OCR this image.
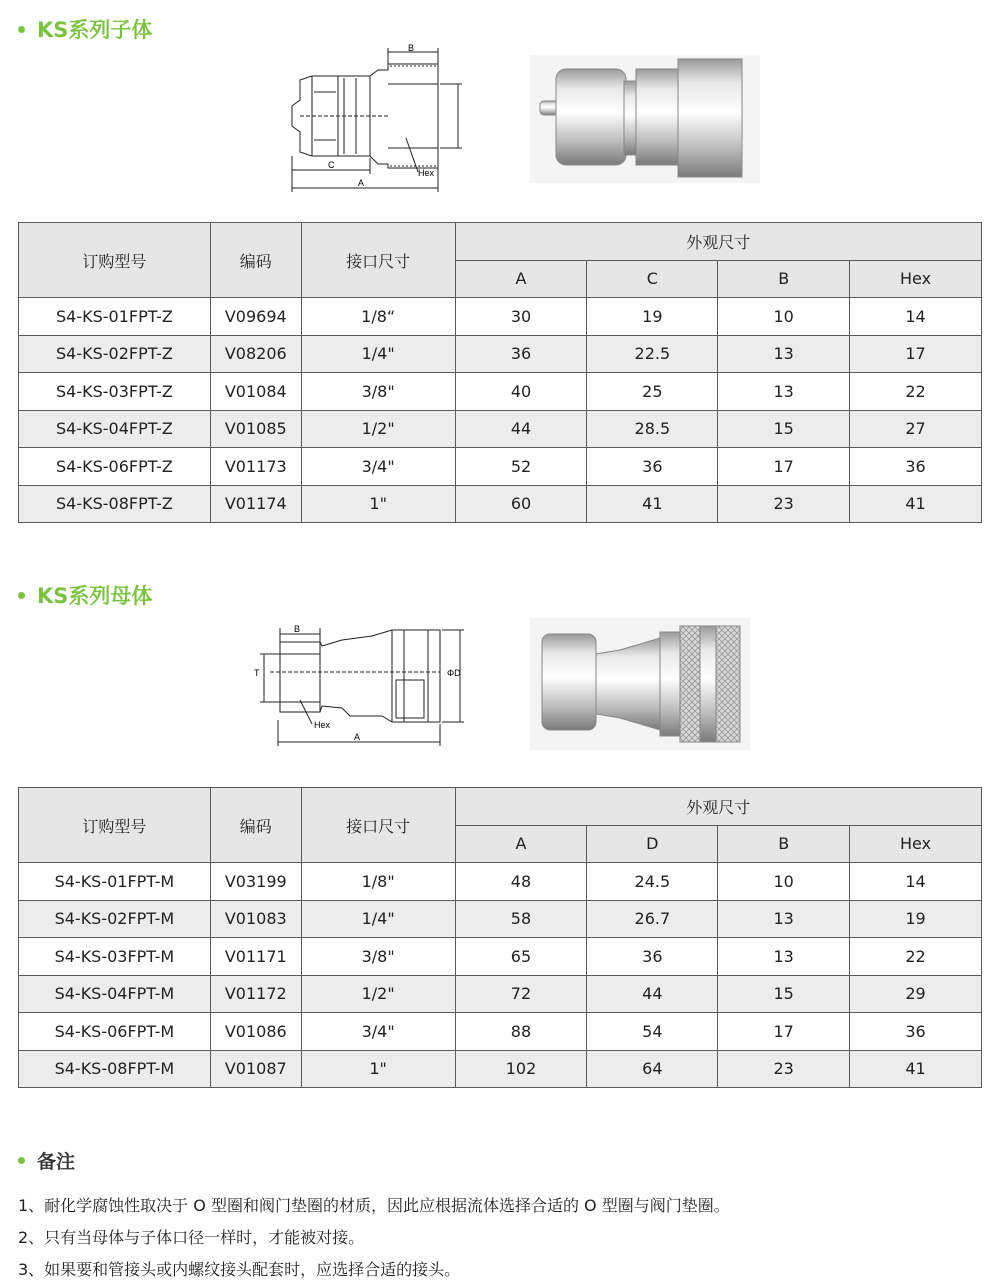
KS系列子体
A
C
B
Hex
订购型号	编码	接口尺寸	外观尺寸			
			A	C	B	Hex
S4-KS-01FPT-Z	V09694	1/8“	30	19	10	14
S4-KS-02FPT-Z	V08206	1/4"	36	22.5	13	17
S4-KS-03FPT-Z	V01084	3/8"	40	25	13	22
S4-KS-04FPT-Z	V01085	1/2"	44	28.5	15	27
S4-KS-06FPT-Z	V01173	3/4"	52	36	17	36
S4-KS-08FPT-Z	V01174	1"	60	41	23	41
KS系列母体
B
A
T	ΦD
Hex
订购型号	编码	接口尺寸	外观尺寸			
			A	D	B	Hex
S4-KS-01FPT-M	V03199	1/8"	48	24.5	10	14
S4-KS-02FPT-M	V01083	1/4"	58	26.7	13	19
S4-KS-03FPT-M	V01171	3/8"	65	36	13	22
S4-KS-04FPT-M	V01172	1/2"	72	44	15	29
S4-KS-06FPT-M	V01086	3/4"	88	54	17	36
S4-KS-08FPT-M	V01087	1"	102	64	23	41
备注
1、耐化学腐蚀性取决于 O 型圈和阀门垫圈的材质，因此应根据流体选择合适的 O 型圈与阀门垫圈。
2、只有当母体与子体口径一样时，才能被对接。
3、如果要和管接头或内螺纹接头配套时，应选择合适的接头。
